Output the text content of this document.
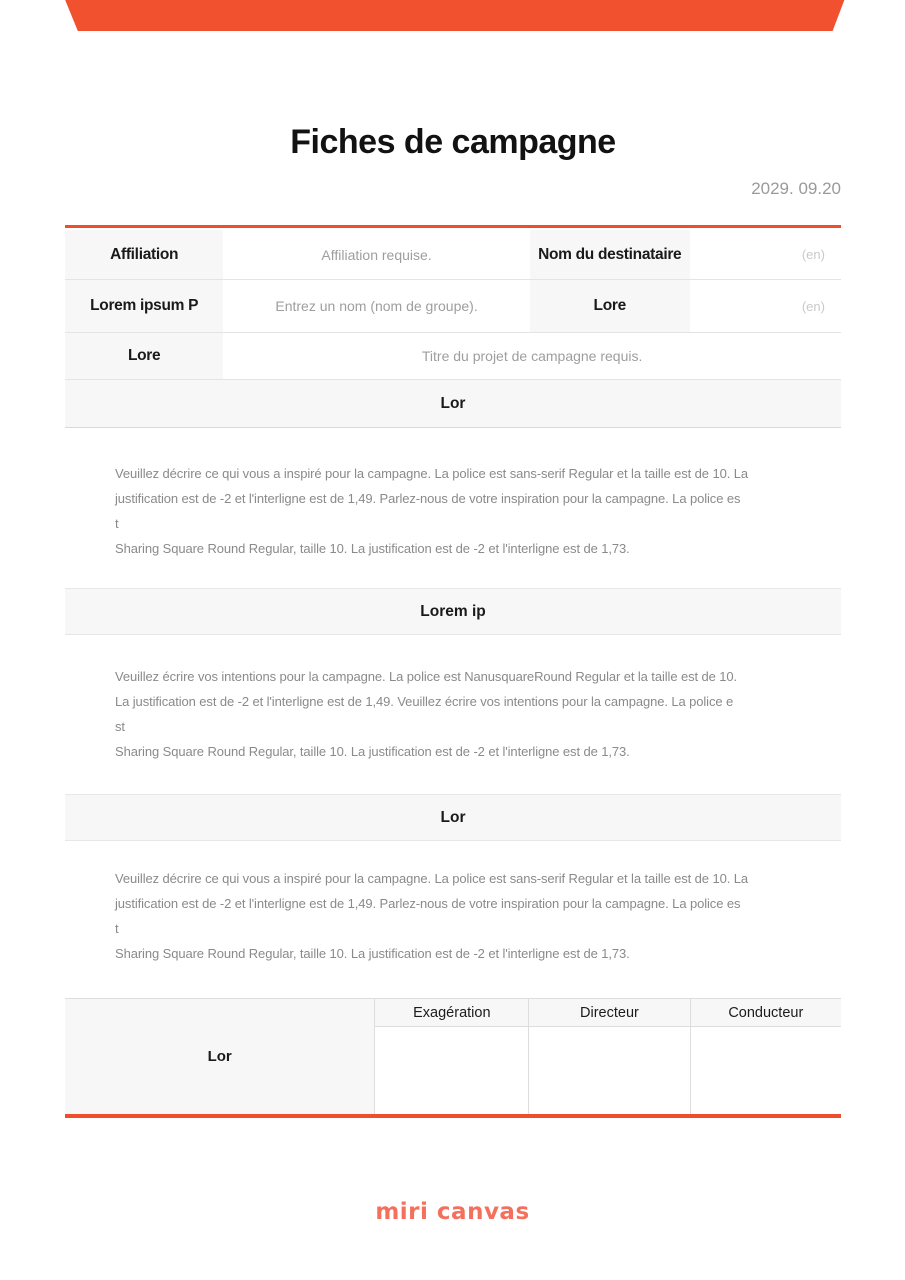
Fiches de campagne
2029. 09.20
Affiliation	Affiliation requise.	Nom du destinataire	(en)
Lorem ipsum P	Entrez un nom (nom de groupe).	Lore	(en)
Lore	Titre du projet de campagne requis.
Lor
Veuillez décrire ce qui vous a inspiré pour la campagne. La police est sans-serif Regular et la taille est de 10. La
justification est de -2 et l'interligne est de 1,49. Parlez-nous de votre inspiration pour la campagne. La police es
t
Sharing Square Round Regular, taille 10. La justification est de -2 et l'interligne est de 1,73.
Lorem ip
Veuillez écrire vos intentions pour la campagne. La police est NanusquareRound Regular et la taille est de 10.
La justification est de -2 et l'interligne est de 1,49. Veuillez écrire vos intentions pour la campagne. La police e
st
Sharing Square Round Regular, taille 10. La justification est de -2 et l'interligne est de 1,73.
Lor
Veuillez décrire ce qui vous a inspiré pour la campagne. La police est sans-serif Regular et la taille est de 10. La
justification est de -2 et l'interligne est de 1,49. Parlez-nous de votre inspiration pour la campagne. La police es
t
Sharing Square Round Regular, taille 10. La justification est de -2 et l'interligne est de 1,73.
Lor
Exagération	Directeur	Conducteur
miri canvas
